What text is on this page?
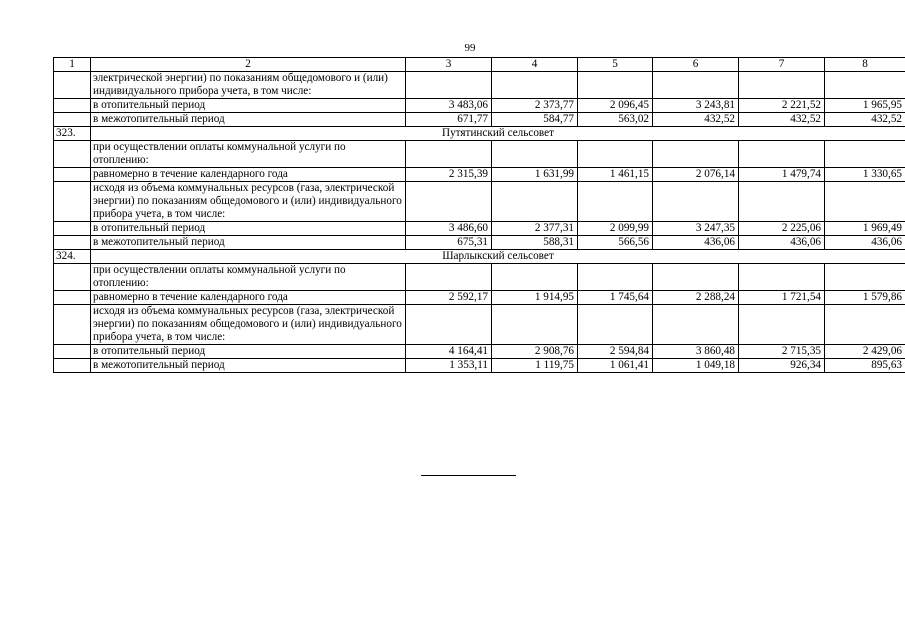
99
1	2	3	4	5	6	7	8
	электрической энергии) по показаниям общедомового и (или) индивидуального прибора учета, в том числе:						
	в отопительный период	3 483,06	2 373,77	2 096,45	3 243,81	2 221,52	1 965,95
	в межотопительный период	671,77	584,77	563,02	432,52	432,52	432,52
323.	Путятинский сельсовет						
	при осуществлении оплаты коммунальной услуги по отоплению:						
	равномерно в течение календарного года	2 315,39	1 631,99	1 461,15	2 076,14	1 479,74	1 330,65
	исходя из объема коммунальных ресурсов (газа, электрической энергии) по показаниям общедомового и (или) индивидуального прибора учета, в том числе:						
	в отопительный период	3 486,60	2 377,31	2 099,99	3 247,35	2 225,06	1 969,49
	в межотопительный период	675,31	588,31	566,56	436,06	436,06	436,06
324.	Шарлыкский сельсовет						
	при осуществлении оплаты коммунальной услуги по отоплению:						
	равномерно в течение календарного года	2 592,17	1 914,95	1 745,64	2 288,24	1 721,54	1 579,86
	исходя из объема коммунальных ресурсов (газа, электрической энергии) по показаниям общедомового и (или) индивидуального прибора учета, в том числе:						
	в отопительный период	4 164,41	2 908,76	2 594,84	3 860,48	2 715,35	2 429,06
	в межотопительный период	1 353,11	1 119,75	1 061,41	1 049,18	926,34	895,63
